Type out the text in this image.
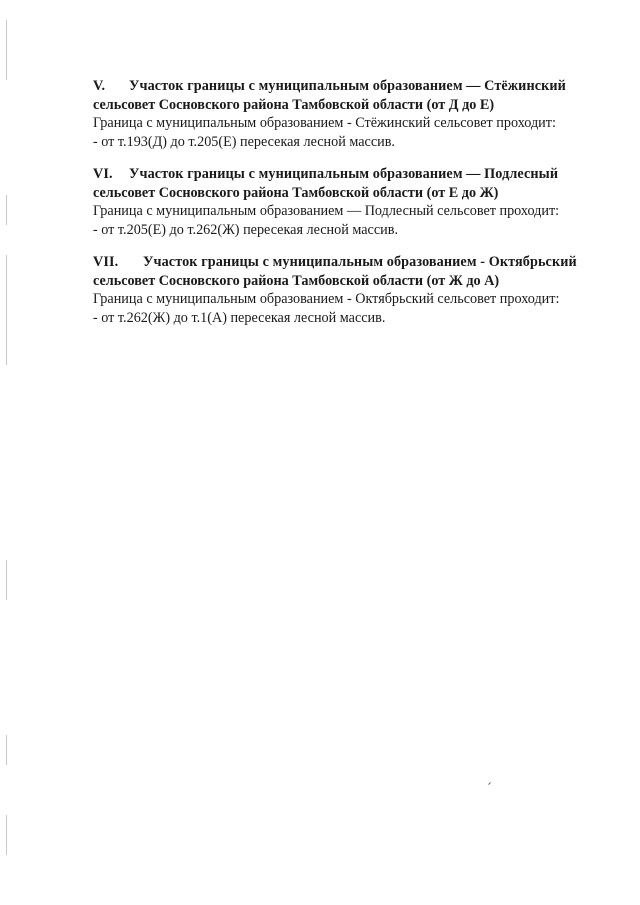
V.	Участок границы с муниципальным образованием — Стёжинский
сельсовет Сосновского района Тамбовской области (от Д до Е)
Граница с муниципальным образованием - Стёжинский сельсовет проходит:
- от т.193(Д) до т.205(Е) пересекая лесной массив.
VI.	Участок границы с муниципальным образованием — Подлесный
сельсовет Сосновского района Тамбовской области (от Е до Ж)
Граница с муниципальным образованием — Подлесный сельсовет проходит:
- от т.205(Е) до т.262(Ж) пересекая лесной массив.
VII.	Участок границы с муниципальным образованием - Октябрьский
сельсовет Сосновского района Тамбовской области (от Ж до А)
Граница с муниципальным образованием - Октябрьский сельсовет проходит:
- от т.262(Ж) до т.1(А) пересекая лесной массив.
